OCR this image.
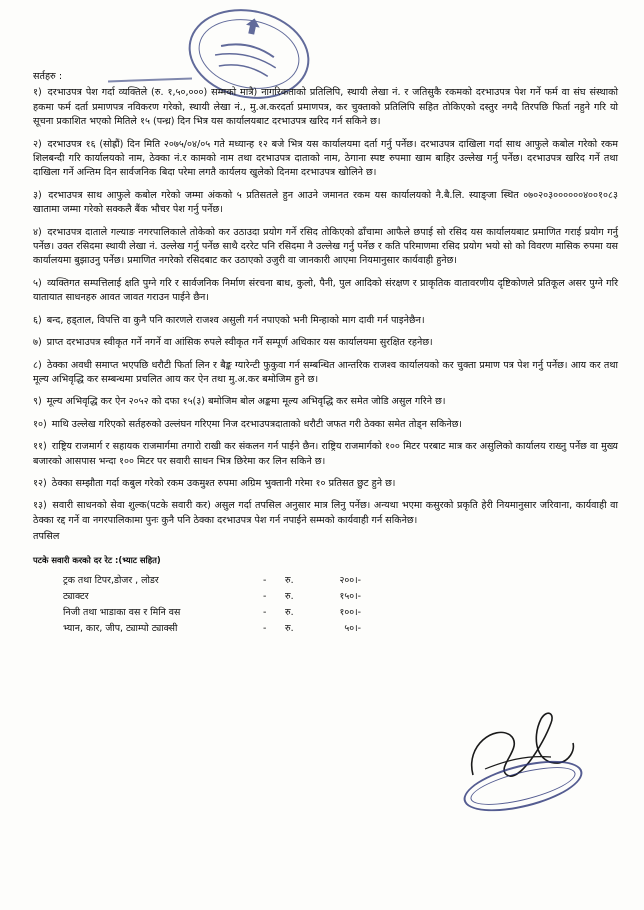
सर्तहरु :
१) दरभाउपत्र पेश गर्दा व्यक्तिले (रु. १,५०,०००) सम्मको मात्रै) नागरिकताको प्रतिलिपि, स्थायी लेखा नं. र जतिसुकै रकमको दरभाउपत्र पेश गर्ने फर्म वा संघ संस्थाको हकमा फर्म दर्ता प्रमाणपत्र नविकरण गरेको, स्थायी लेखा नं., मु.अ.करदर्ता प्रमाणपत्र, कर चुक्ताको प्रतिलिपि सहित तोकिएको दस्तुर नगदै तिरपछि फिर्ता नहुने गरि यो सूचना प्रकाशित भएको मितिले १५ (पन्ध्र) दिन भित्र यस कार्यालयबाट दरभाउपत्र खरिद गर्न सकिने छ।
२) दरभाउपत्र १६ (सोह्रौं) दिन मिति २०७५/०४/०५ गते मध्यान्ह १२ बजे भित्र यस कार्यालयमा दर्ता गर्नु पर्नेछ। दरभाउपत्र दाखिला गर्दा साथ आफुले कबोल गरेको रकम शिलबन्दी गरि कार्यालयको नाम, ठेक्का नं.र कामको नाम तथा दरभाउपत्र दाताको नाम, ठेगाना स्पष्ट रुपमाा खाम बाहिर उल्लेख गर्नु पर्नेछ। दरभाउपत्र खरिद गर्ने तथा दाखिला गर्ने अन्तिम दिन सार्वजनिक बिदा परेमा लगतै कार्यलय खुलेको दिनमा दरभाउपत्र खोलिने छ।
३) दरभाउपत्र साथ आफुले कबोल गरेको जम्मा अंकको ५ प्रतिसतले हुन आउने जमानत रकम यस कार्यालयको नै.बै.लि. स्याङ्जा स्थित ०७०२०३००००००४००१०८३ खातामा जम्मा गरेको सक्कलै बैंक भौचर पेश गर्नु पर्नेछ।
४) दरभाउपत्र दाताले गल्याङ नगरपालिकाले तोकेको कर उठाउदा प्रयोग गर्ने रसिद तोकिएको ढाँचामा आफैले छपाई सो रसिद यस कार्यालयबाट प्रमाणित गराई प्रयोग गर्नु पर्नेछ। उक्त रसिदमा स्थायी लेखा नं. उल्लेख गर्नु पर्नेछ साथै दररेट पनि रसिदमा नै उल्लेख गर्नु पर्नेछ र कति परिमाणमा रसिद प्रयोग भयो सो को विवरण मासिक रुपमा यस कार्यालयमा बुझाउनु पर्नेछ। प्रमाणित नगरेको रसिदबाट कर उठाएको उजुरी वा जानकारी आएमा नियमानुसार कार्यवाही हुनेछ।
५) व्यक्तिगत सम्पत्तिलाई क्षति पुग्ने गरि र सार्वजनिक निर्माण संरचना बाध, कुलो, पैनी, पुल आदिको संरक्षण र प्राकृतिक वातावरणीय दृष्टिकोणले प्रतिकूल असर पुग्ने गरि यातायात साधनहरु आवत जावत गराउन पाईने छैन।
६) बन्द, हड्ताल, विपत्ति वा कुनै पनि कारणले राजश्व असुली गर्न नपाएको भनी मिन्हाको माग दावी गर्न पाइनेछैन।
७) प्राप्त दरभाउपत्र स्वीकृत गर्ने नगर्ने वा आंसिक रुपले स्वीकृत गर्ने सम्पूर्ण अधिकार यस कार्यालयमा सुरक्षित रहनेछ।
८) ठेक्का अवधी समाप्त भएपछि धरौटी फिर्ता लिन र बैङ्क ग्यारेन्टी फुकुवा गर्न सम्बन्धित आन्तरिक राजश्व कार्यालयको कर चुक्ता प्रमाण पत्र पेश गर्नु पर्नेछ। आय कर तथा मूल्य अभिवृद्धि कर सम्बन्धमा प्रचलित आय कर ऐन तथा मु.अ.कर बमोजिम हुने छ।
९) मूल्य अभिवृद्धि कर ऐन २०५२ को दफा १५(३) बमोजिम बोल अङ्कमा मूल्य अभिवृद्धि कर समेत जोडि असुल गरिने छ।
१०) माथि उल्लेख गरिएको सर्तहरुको उल्लंघन गरिएमा निज दरभाउपत्रदाताको धरौटी जफत गरी ठेक्का समेत तोड्न सकिनेछ।
११) राष्ट्रिय राजमार्ग र सहायक राजमार्गमा तगारो राखी कर संकलन गर्न पाईने छैन। राष्ट्रिय राजमार्गको १०० मिटर परबाट मात्र कर असुलिको कार्यालय राख्नु पर्नेछ वा मुख्य बजारको आसपास भन्दा १०० मिटर पर सवारी साधन भित्र छिरेमा कर लिन सकिने छ।
१२) ठेक्का सम्झौता गर्दा कबुल गरेको रकम उकमुश्त रुपमा अग्रिम भुक्तानी गरेमा १० प्रतिसत छुट हुने छ।
१३) सवारी साधनको सेवा शुल्क(पटके सवारी कर) असुल गर्दा तपसिल अनुसार मात्र लिनु पर्नेछ। अन्यथा भएमा कसुरको प्रकृति हेरी नियमानुसार जरिवाना, कार्यवाही वा ठेक्का रद्द गर्ने वा नगरपालिकामा पुनः कुनै पनि ठेक्का दरभाउपत्र पेश गर्न नपाईने सम्मको कार्यवाही गर्न सकिनेछ।
तपसिल
पटके सवारी करको दर रेट :(भ्याट सहित)
ट्रक तथा टिपर,डोजर , लोडर	-	रु.	२००।-
ट्याक्टर	-	रु.	१५०।-
निजी तथा भाडाका वस र मिनि वस	-	रु.	१००।-
भ्यान, कार, जीप, ट्याम्पो ट्याक्सी	-	रु.	५०।-
